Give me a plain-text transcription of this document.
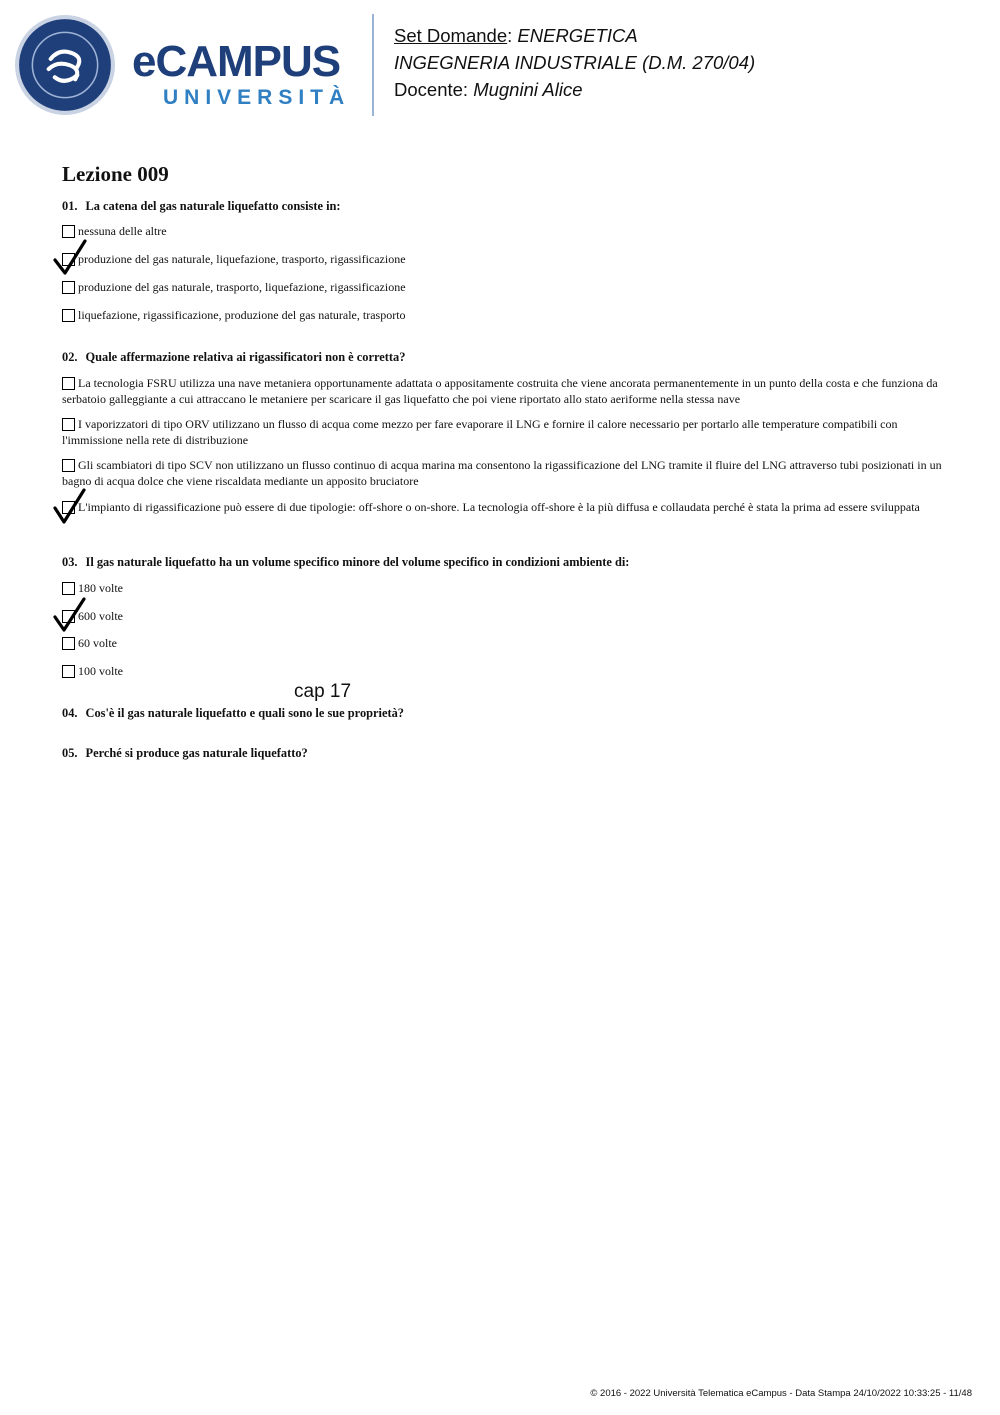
eCAMPUS
UNIVERSITÀ
Set Domande: ENERGETICA
INGEGNERIA INDUSTRIALE (D.M. 270/04)
Docente: Mugnini Alice
Lezione 009
01. La catena del gas naturale liquefatto consiste in:
nessuna delle altre
produzione del gas naturale, liquefazione, trasporto, rigassificazione
produzione del gas naturale, trasporto, liquefazione, rigassificazione
liquefazione, rigassificazione, produzione del gas naturale, trasporto
02. Quale affermazione relativa ai rigassificatori non è corretta?
La tecnologia FSRU utilizza una nave metaniera opportunamente adattata o appositamente costruita che viene ancorata permanentemente in un punto della costa e che funziona da serbatoio galleggiante a cui attraccano le metaniere per scaricare il gas liquefatto che poi viene riportato allo stato aeriforme nella stessa nave
I vaporizzatori di tipo ORV utilizzano un flusso di acqua come mezzo per fare evaporare il LNG e fornire il calore necessario per portarlo alle temperature compatibili con l'immissione nella rete di distribuzione
Gli scambiatori di tipo SCV non utilizzano un flusso continuo di acqua marina ma consentono la rigassificazione del LNG tramite il fluire del LNG attraverso tubi posizionati in un bagno di acqua dolce che viene riscaldata mediante un apposito bruciatore
L'impianto di rigassificazione può essere di due tipologie: off-shore o on-shore. La tecnologia off-shore è la più diffusa e collaudata perché è stata la prima ad essere sviluppata
03. Il gas naturale liquefatto ha un volume specifico minore del volume specifico in condizioni ambiente di:
180 volte
600 volte
60 volte
100 volte
cap 17
04. Cos'è il gas naturale liquefatto e quali sono le sue proprietà?
05. Perché si produce gas naturale liquefatto?
© 2016 - 2022 Università Telematica eCampus - Data Stampa 24/10/2022 10:33:25 - 11/48
